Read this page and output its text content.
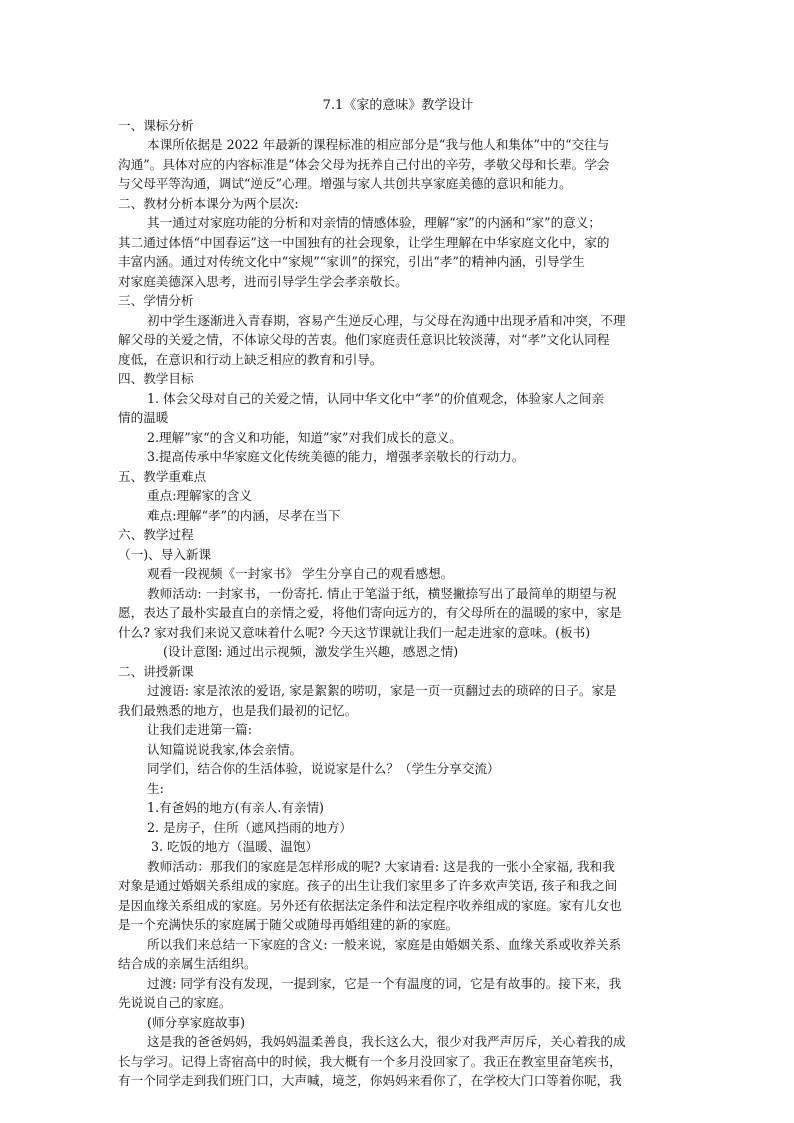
7.1《家的意味》教学设计

一、课标分析

本课所依据是 2022 年最新的课程标准的相应部分是“我与他人和集体”中的“交往与

沟通”。具体对应的内容标准是“体会父母为抚养自己付出的辛劳，孝敬父母和长辈。学会

与父母平等沟通，调试“逆反”心理。增强与家人共创共享家庭美德的意识和能力。

二、教材分析本课分为两个层次:

其一通过对家庭功能的分析和对亲情的情感体验，理解“家”的内涵和“家”的意义；

其二通过体悟“中国春运”这一中国独有的社会现象，让学生理解在中华家庭文化中，家的

丰富内涵。通过对传统文化中“家规”“家训”的探究，引出“孝”的精神内涵，引导学生

对家庭美德深入思考，进而引导学生学会孝亲敬长。

三、学情分析

初中学生逐渐进入青春期，容易产生逆反心理，与父母在沟通中出现矛盾和冲突，不理

解父母的关爱之情，不体谅父母的苦衷。他们家庭责任意识比较淡薄，对“孝”文化认同程

度低，在意识和行动上缺乏相应的教育和引导。

四、教学目标

1. 体会父母对自己的关爱之情，认同中华文化中“孝”的价值观念，体验家人之间亲

情的温暖

2.理解”家“的含义和功能，知道”家”对我们成长的意义。

3.提高传承中华家庭文化传统美德的能力，增强孝亲敬长的行动力。

五、教学重难点

重点:理解家的含义

难点:理解“孝”的内涵，尽孝在当下

六、教学过程

（一)、导入新课

观看一段视频《一封家书》 学生分享自己的观看感想。

教师活动: 一封家书，一份寄托. 情止于笔溢于纸，横竖撇捺写出了最简单的期望与祝

愿，表达了最朴实最直白的亲情之爱，将他们寄向远方的，有父母所在的温暖的家中，家是

什么? 家对我们来说又意味着什么呢? 今天这节课就让我们一起走进家的意味。(板书)

(设计意图: 通过出示视频，激发学生兴趣，感恩之情)

二、讲授新课

过渡语: 家是浓浓的爱语, 家是絮絮的唠叨，家是一页一页翻过去的琐碎的日子。家是

我们最熟悉的地方，也是我们最初的记忆。

让我们走进第一篇:

认知篇说说我家,体会亲情。

同学们，结合你的生活体验，说说家是什么？（学生分享交流）

生:

1.有爸妈的地方(有亲人.有亲情)

2. 是房子，住所（遮风挡雨的地方）

3. 吃饭的地方（温暖、温饱）

教师活动：那我们的家庭是怎样形成的呢? 大家请看: 这是我的一张小全家福, 我和我

对象是通过婚姻关系组成的家庭。孩子的出生让我们家里多了许多欢声笑语, 孩子和我之间

是因血缘关系组成的家庭。另外还有依据法定条件和法定程序收养组成的家庭。家有儿女也

是一个充满快乐的家庭属于随父或随母再婚组建的新的家庭。

所以我们来总结一下家庭的含义: 一般来说，家庭是由婚姻关系、血缘关系或收养关系

结合成的亲属生活组织。

过渡: 同学有没有发现，一提到家，它是一个有温度的词，它是有故事的。接下来，我

先说说自己的家庭。

(师分享家庭故事)

这是我的爸爸妈妈，我妈妈温柔善良，我长这么大，很少对我严声厉斥，关心着我的成

长与学习。记得上寄宿高中的时候，我大概有一个多月没回家了。我正在教室里奋笔疾书，

有一个同学走到我们班门口，大声喊，境芝，你妈妈来看你了，在学校大门口等着你呢，我
